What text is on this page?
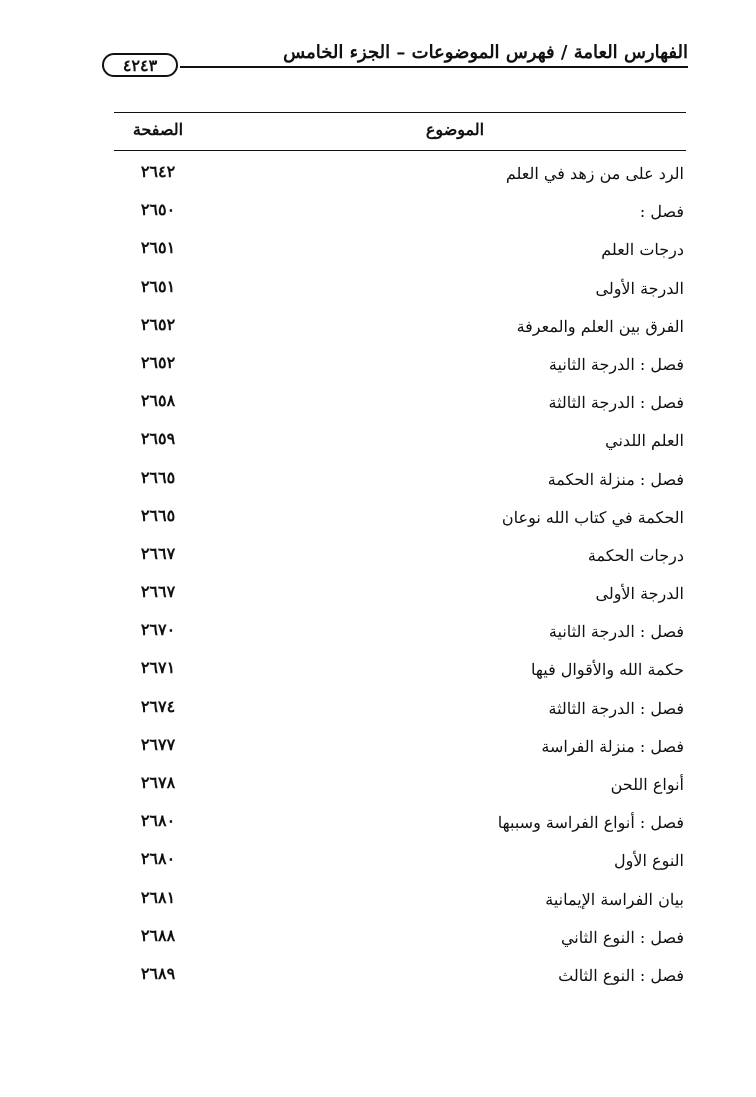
٤٢٤٣
الفهارس العامة / فهرس الموضوعات – الجزء الخامس
الموضوع
الصفحة
الرد على من زهد في العلم
٢٦٤٢
فصل :
٢٦٥٠
درجات العلم
٢٦٥١
الدرجة الأولى
٢٦٥١
الفرق بين العلم والمعرفة
٢٦٥٢
فصل : الدرجة الثانية
٢٦٥٢
فصل : الدرجة الثالثة
٢٦٥٨
العلم اللدني
٢٦٥٩
فصل : منزلة الحكمة
٢٦٦٥
الحكمة في كتاب الله نوعان
٢٦٦٥
درجات الحكمة
٢٦٦٧
الدرجة الأولى
٢٦٦٧
فصل : الدرجة الثانية
٢٦٧٠
حكمة الله والأقوال فيها
٢٦٧١
فصل : الدرجة الثالثة
٢٦٧٤
فصل : منزلة الفراسة
٢٦٧٧
أنواع اللحن
٢٦٧٨
فصل : أنواع الفراسة وسببها
٢٦٨٠
النوع الأول
٢٦٨٠
بيان الفراسة الإيمانية
٢٦٨١
فصل : النوع الثاني
٢٦٨٨
فصل : النوع الثالث
٢٦٨٩
